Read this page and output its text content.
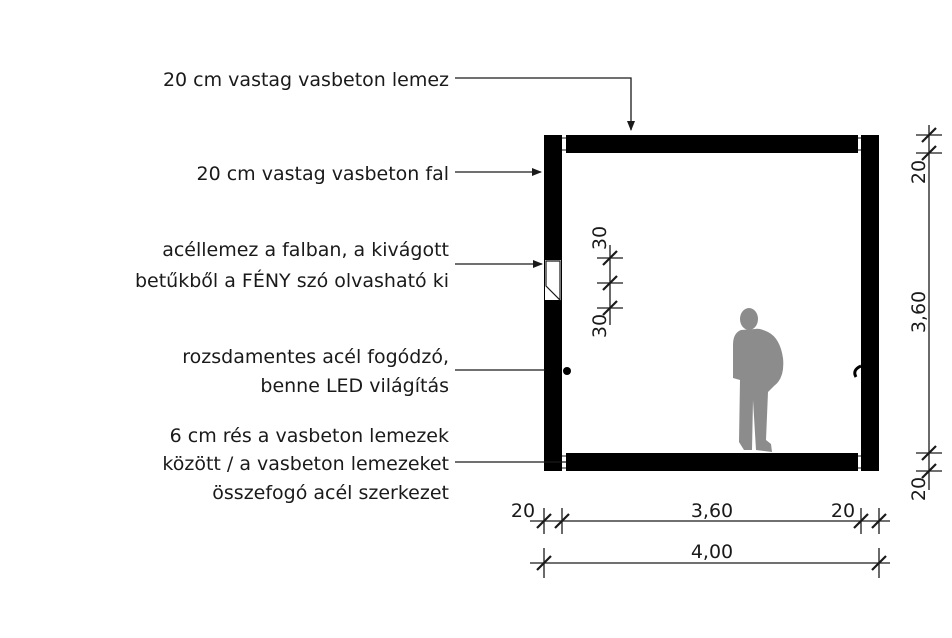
20 cm vastag vasbeton lemez
20 cm vastag vasbeton fal
acéllemez a falban, a kivágott
betűkből a FÉNY szó olvasható ki
rozsdamentes acél fogódzó,
benne LED világítás
6 cm rés a vasbeton lemezek
között / a vasbeton lemezeket
összefogó acél szerkezet
20	3,60	20
4,00
20
3,60
20
30
30
